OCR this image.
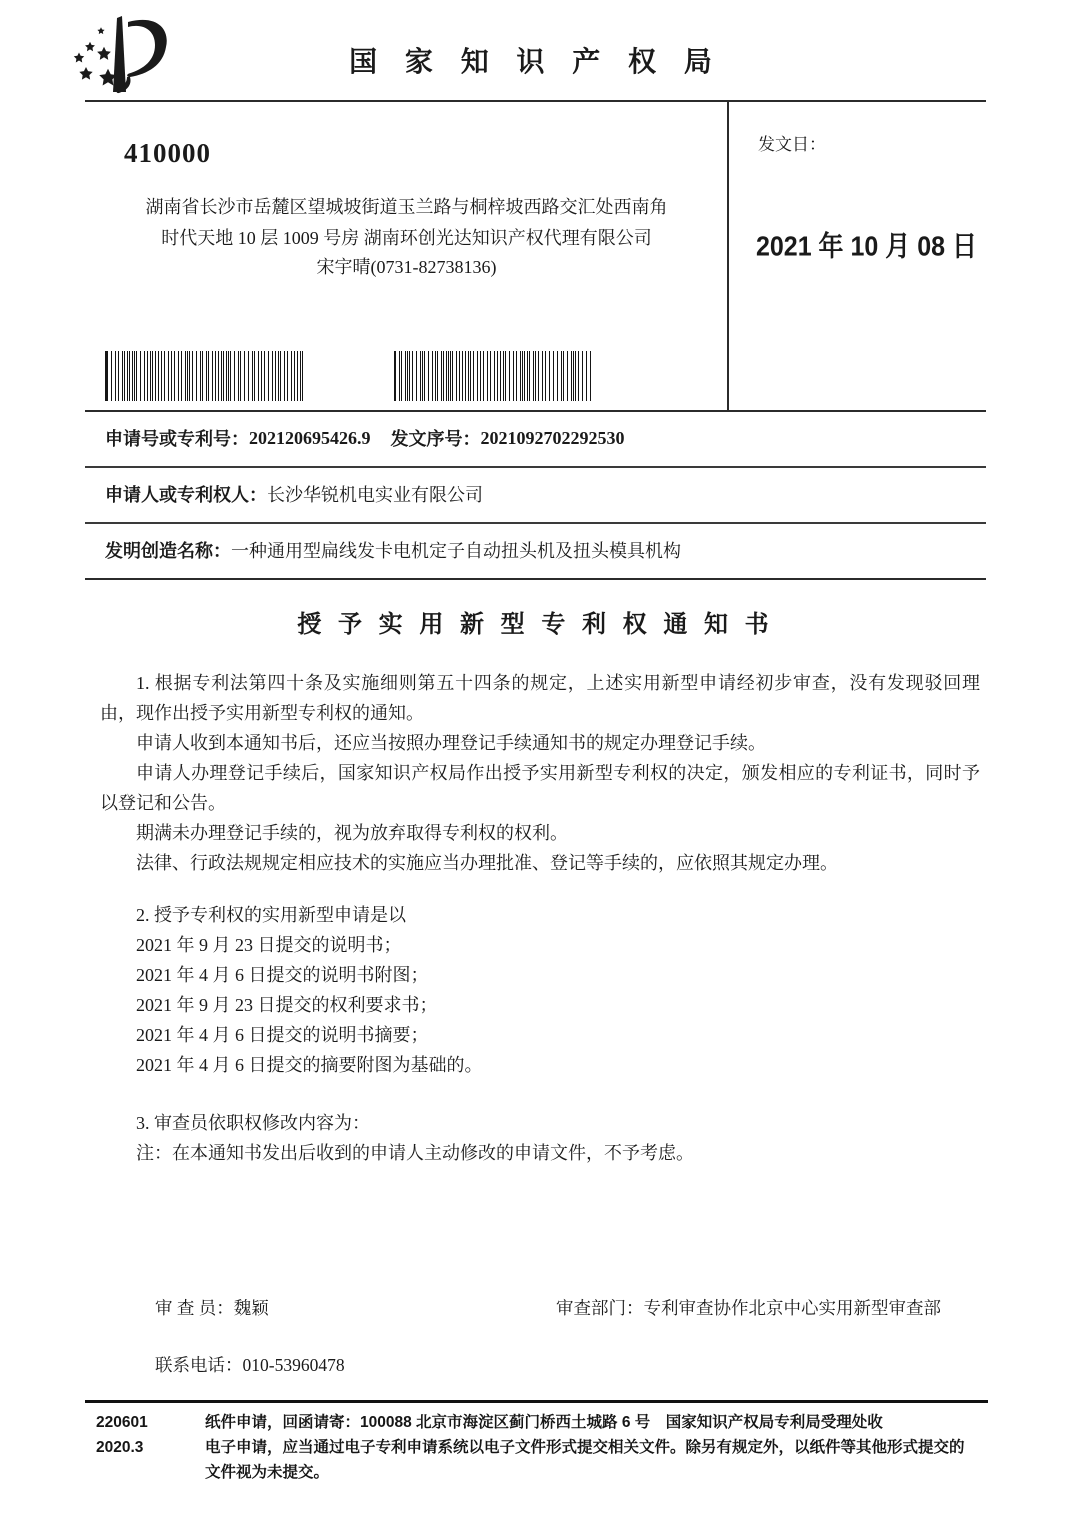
国 家 知 识 产 权 局
410000
湖南省长沙市岳麓区望城坡街道玉兰路与桐梓坡西路交汇处西南角
时代天地 10 层 1009 号房 湖南环创光达知识产权代理有限公司
宋宇晴(0731-82738136)
发文日：
2021 年 10 月 08 日
申请号或专利号： 202120695426.9 发文序号： 2021092702292530
申请人或专利权人： 长沙华锐机电实业有限公司
发明创造名称： 一种通用型扁线发卡电机定子自动扭头机及扭头模具机构
授 予 实 用 新 型 专 利 权 通 知 书

1. 根据专利法第四十条及实施细则第五十四条的规定，上述实用新型申请经初步审查，没有发现驳回理由，现作出授予实用新型专利权的通知。

申请人收到本通知书后，还应当按照办理登记手续通知书的规定办理登记手续。

申请人办理登记手续后，国家知识产权局作出授予实用新型专利权的决定，颁发相应的专利证书，同时予以登记和公告。

期满未办理登记手续的，视为放弃取得专利权的权利。

法律、行政法规规定相应技术的实施应当办理批准、登记等手续的，应依照其规定办理。

2. 授予专利权的实用新型申请是以

2021 年 9 月 23 日提交的说明书；

2021 年 4 月 6 日提交的说明书附图；

2021 年 9 月 23 日提交的权利要求书；

2021 年 4 月 6 日提交的说明书摘要；

2021 年 4 月 6 日提交的摘要附图为基础的。

3. 审查员依职权修改内容为：

注：在本通知书发出后收到的申请人主动修改的申请文件，不予考虑。

审 查 员：魏颖	审查部门：专利审查协作北京中心实用新型审查部
联系电话：010-53960478
220601
2020.3
纸件申请，回函请寄：100088 北京市海淀区蓟门桥西土城路 6 号　国家知识产权局专利局受理处收
电子申请，应当通过电子专利申请系统以电子文件形式提交相关文件。除另有规定外，以纸件等其他形式提交的
文件视为未提交。
